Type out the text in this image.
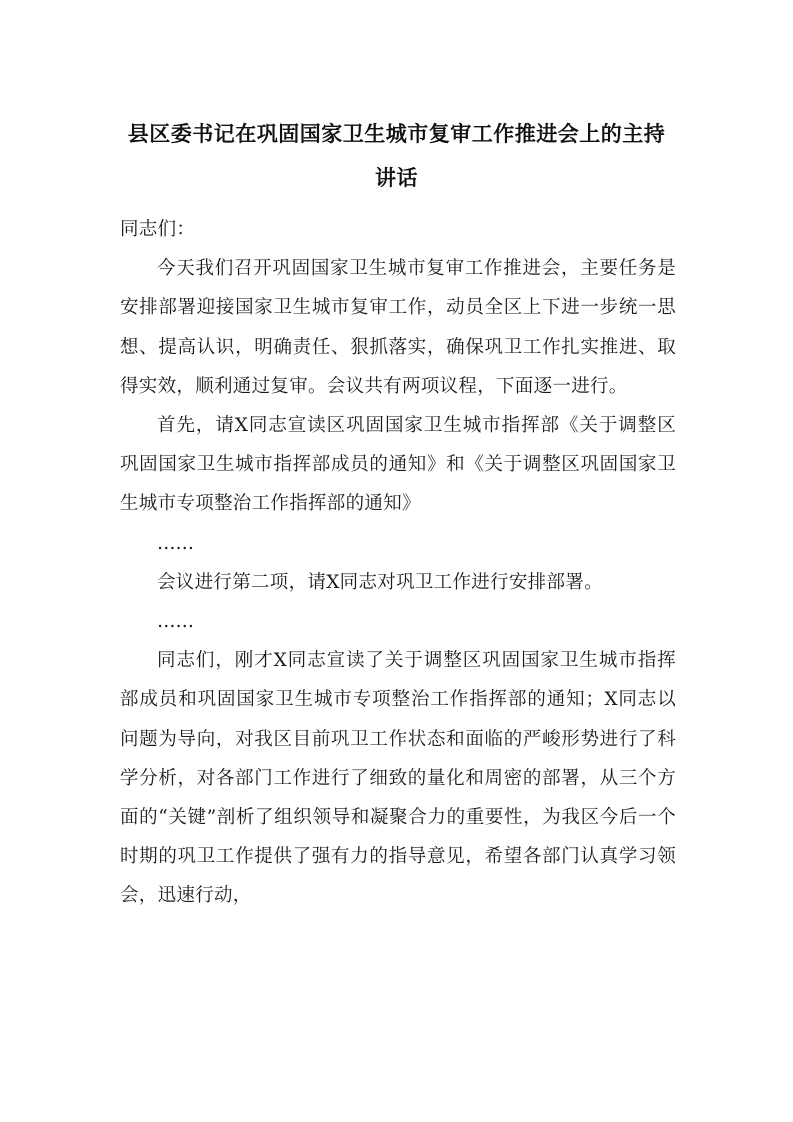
县区委书记在巩固国家卫生城市复审工作推进会上的主持
讲话

同志们：

今天我们召开巩固国家卫生城市复审工作推进会，主要任务是安排部署迎接国家卫生城市复审工作，动员全区上下进一步统一思想、提高认识，明确责任、狠抓落实，确保巩卫工作扎实推进、取得实效，顺利通过复审。会议共有两项议程，下面逐一进行。

首先，请X同志宣读区巩固国家卫生城市指挥部《关于调整区巩固国家卫生城市指挥部成员的通知》和《关于调整区巩固国家卫生城市专项整治工作指挥部的通知》

……

会议进行第二项，请X同志对巩卫工作进行安排部署。

……

同志们，刚才X同志宣读了关于调整区巩固国家卫生城市指挥部成员和巩固国家卫生城市专项整治工作指挥部的通知；X同志以问题为导向，对我区目前巩卫工作状态和面临的严峻形势进行了科学分析，对各部门工作进行了细致的量化和周密的部署，从三个方面的“关键”剖析了组织领导和凝聚合力的重要性，为我区今后一个时期的巩卫工作提供了强有力的指导意见，希望各部门认真学习领会，迅速行动，
